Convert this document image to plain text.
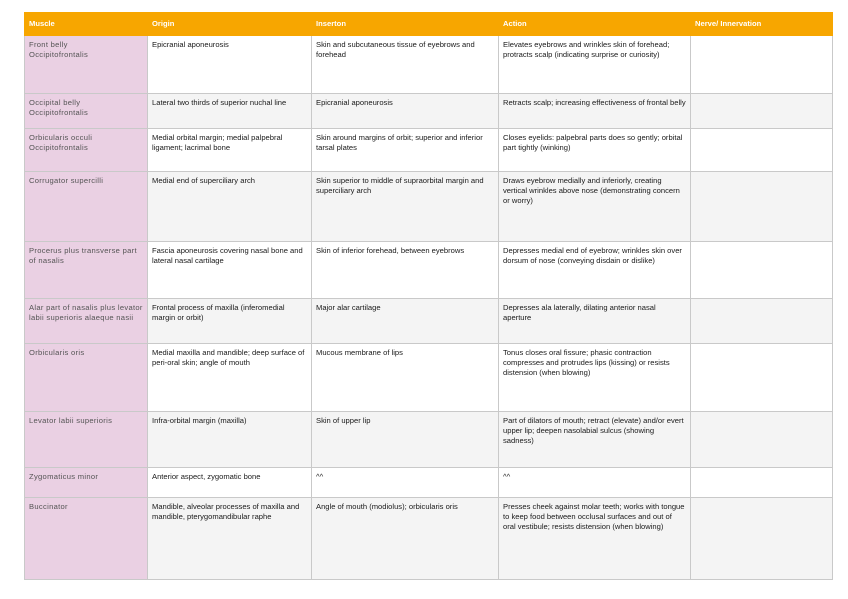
Muscle	Origin	Inserton	Action	Nerve/ Innervation

Front belly
Occipitofrontalis	Epicranial aponeurosis	Skin and subcutaneous tissue of eyebrows and forehead	Elevates eyebrows and wrinkles skin of forehead; protracts scalp (indicating surprise or curiosity)	

Occipital belly
Occipitofrontalis	Lateral two thirds of superior nuchal line	Epicranial aponeurosis	Retracts scalp; increasing effectiveness of frontal belly	

Orbicularis occuli
Occipitofrontalis	Medial orbital margin; medial palpebral ligament; lacrimal bone	Skin around margins of orbit; superior and inferior tarsal plates	Closes eyelids: palpebral parts does so gently; orbital part tightly (winking)	

Corrugator supercilli	Medial end of superciliary arch	Skin superior to middle of supraorbital margin and superciliary arch	Draws eyebrow medially and inferiorly, creating vertical wrinkles above nose (demonstrating concern or worry)	

Procerus plus transverse part of nasalis	Fascia aponeurosis covering nasal bone and lateral nasal cartilage	Skin of inferior forehead, between eyebrows	Depresses medial end of eyebrow; wrinkles skin over dorsum of nose (conveying disdain or dislike)	

Alar part of nasalis plus levator labii superioris alaeque nasii	Frontal process of maxilla (inferomedial margin or orbit)	Major alar cartilage	Depresses ala laterally, dilating anterior nasal aperture	

Orbicularis oris	Medial maxilla and mandible; deep surface of peri-oral skin; angle of mouth	Mucous membrane of lips	Tonus closes oral fissure; phasic contraction compresses and protrudes lips (kissing) or resists distension (when blowing)	

Levator labii superioris	Infra-orbital margin (maxilla)	Skin of upper lip	Part of dilators of mouth; retract (elevate) and/or evert upper lip; deepen nasolabial sulcus (showing sadness)	

Zygomaticus minor	Anterior aspect, zygomatic bone	^^	^^	

Buccinator	Mandible, alveolar processes of maxilla and mandible, pterygomandibular raphe	Angle of mouth (modiolus); orbicularis oris	Presses cheek against molar teeth; works with tongue to keep food between occlusal surfaces and out of oral vestibule; resists distension (when blowing)	
